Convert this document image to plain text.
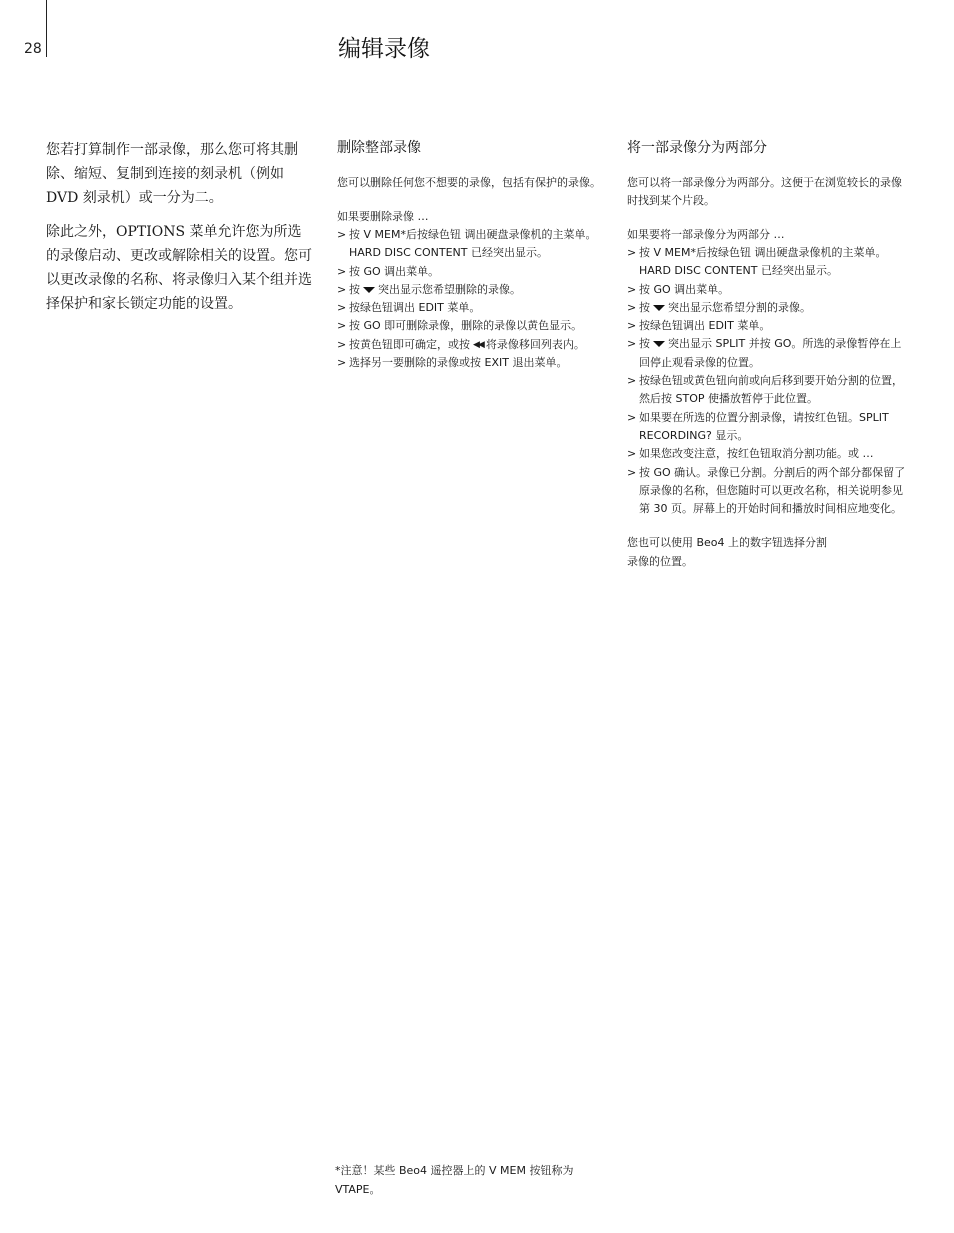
28	编辑录像

您若打算制作一部录像，那么您可将其删除、缩短、复制到连接的刻录机（例如 DVD 刻录机）或一分为二。

除此之外，OPTIONS 菜单允许您为所选的录像启动、更改或解除相关的设置。您可以更改录像的名称、将录像归入某个组并选择保护和家长锁定功能的设置。

删除整部录像

您可以删除任何您不想要的录像，包括有保护的录像。

如果要删除录像 …

> 按 V MEM*后按绿色钮 调出硬盘录像机的主菜单。HARD DISC CONTENT 已经突出显示。
> 按 GO 调出菜单。
> 按 突出显示您希望删除的录像。
> 按绿色钮调出 EDIT 菜单。
> 按 GO 即可删除录像，删除的录像以黄色显示。
> 按黄色钮即可确定，或按 ◀◀ 将录像移回列表内。
> 选择另一要删除的录像或按 EXIT 退出菜单。
将一部录像分为两部分

您可以将一部录像分为两部分。这便于在浏览较长的录像时找到某个片段。

如果要将一部录像分为两部分 …

> 按 V MEM*后按绿色钮 调出硬盘录像机的主菜单。HARD DISC CONTENT 已经突出显示。
> 按 GO 调出菜单。
> 按 突出显示您希望分割的录像。
> 按绿色钮调出 EDIT 菜单。
> 按 突出显示 SPLIT 并按 GO。所选的录像暂停在上回停止观看录像的位置。
> 按绿色钮或黄色钮向前或向后移到要开始分割的位置，然后按 STOP 使播放暂停于此位置。
> 如果要在所选的位置分割录像，请按红色钮。SPLIT RECORDING? 显示。
> 如果您改变注意，按红色钮取消分割功能。或 …
> 按 GO 确认。录像已分割。分割后的两个部分都保留了原录像的名称，但您随时可以更改名称，相关说明参见第 30 页。屏幕上的开始时间和播放时间相应地变化。

您也可以使用 Beo4 上的数字钮选择分割录像的位置。

*注意！某些 Beo4 遥控器上的 V MEM 按钮称为 VTAPE。
